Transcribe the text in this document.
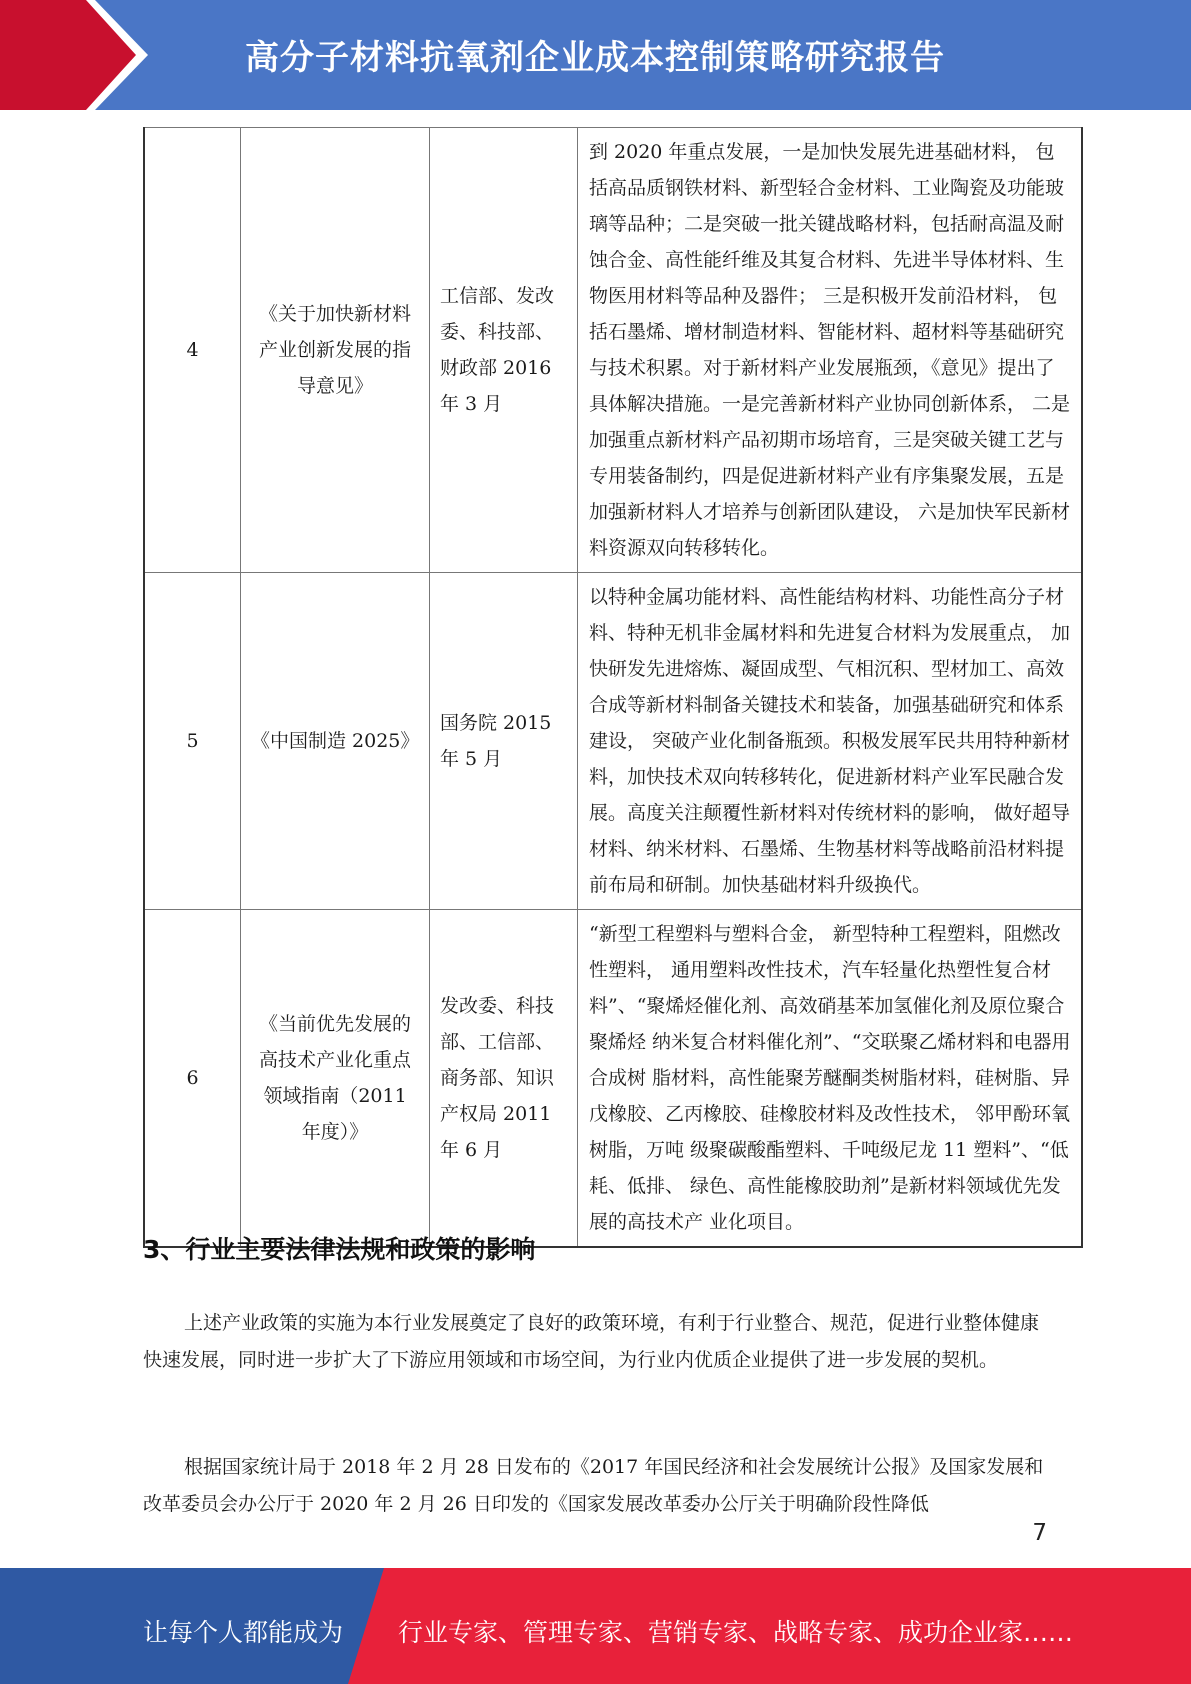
高分子材料抗氧剂企业成本控制策略研究报告
4	《关于加快新材料产业创新发展的指导意见》	工信部、发改委、科技部、财政部 2016 年 3 月	到 2020 年重点发展，一是加快发展先进基础材料， 包括高品质钢铁材料、新型轻合金材料、工业陶瓷及功能玻璃等品种；二是突破一批关键战略材料，包括耐高温及耐蚀合金、高性能纤维及其复合材料、先进半导体材料、生物医用材料等品种及器件； 三是积极开发前沿材料， 包括石墨烯、增材制造材料、智能材料、超材料等基础研究与技术积累。对于新材料产业发展瓶颈，《意见》提出了具体解决措施。一是完善新材料产业协同创新体系， 二是加强重点新材料产品初期市场培育，三是突破关键工艺与专用装备制约，四是促进新材料产业有序集聚发展，五是加强新材料人才培养与创新团队建设， 六是加快军民新材料资源双向转移转化。
5	《中国制造 2025》	国务院 2015 年 5 月	以特种金属功能材料、高性能结构材料、功能性高分子材料、特种无机非金属材料和先进复合材料为发展重点， 加快研发先进熔炼、凝固成型、气相沉积、型材加工、高效合成等新材料制备关键技术和装备，加强基础研究和体系建设， 突破产业化制备瓶颈。积极发展军民共用特种新材料，加快技术双向转移转化，促进新材料产业军民融合发展。高度关注颠覆性新材料对传统材料的影响， 做好超导材料、纳米材料、石墨烯、生物基材料等战略前沿材料提前布局和研制。加快基础材料升级换代。
6	《当前优先发展的高技术产业化重点领域指南（2011 年度）》	发改委、科技部、工信部、商务部、知识产权局 2011 年 6 月	“新型工程塑料与塑料合金， 新型特种工程塑料，阻燃改性塑料， 通用塑料改性技术，汽车轻量化热塑性复合材料”、“聚烯烃催化剂、高效硝基苯加氢催化剂及原位聚合聚烯烃 纳米复合材料催化剂”、“交联聚乙烯材料和电器用合成树 脂材料，高性能聚芳醚酮类树脂材料，硅树脂、异戊橡胶、乙丙橡胶、硅橡胶材料及改性技术， 邻甲酚环氧树脂，万吨 级聚碳酸酯塑料、千吨级尼龙 11 塑料”、“低耗、低排、 绿色、高性能橡胶助剂”是新材料领域优先发展的高技术产 业化项目。
3、行业主要法律法规和政策的影响

上述产业政策的实施为本行业发展奠定了良好的政策环境，有利于行业整合、规范，促进行业整体健康快速发展，同时进一步扩大了下游应用领域和市场空间，为行业内优质企业提供了进一步发展的契机。

根据国家统计局于 2018 年 2 月 28 日发布的《2017 年国民经济和社会发展统计公报》及国家发展和改革委员会办公厅于 2020 年 2 月 26 日印发的《国家发展改革委办公厅关于明确阶段性降低

7
让每个人都能成为 行业专家、管理专家、营销专家、战略专家、成功企业家……
